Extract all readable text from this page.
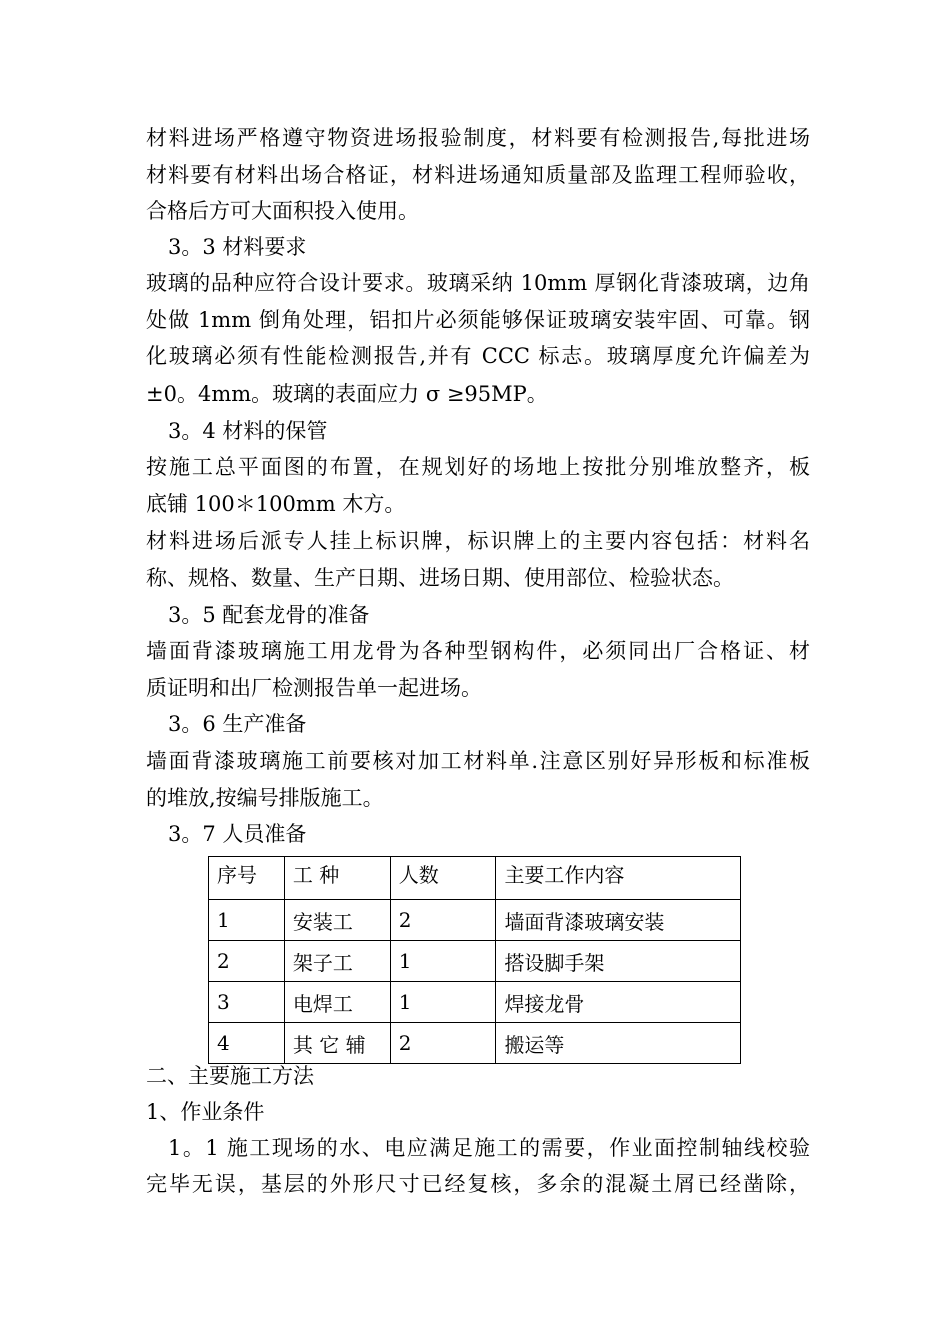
材料进场严格遵守物资进场报验制度，材料要有检测报告,每批进场
材料要有材料出场合格证，材料进场通知质量部及监理工程师验收，
合格后方可大面积投入使用。
3。3 材料要求
玻璃的品种应符合设计要求。玻璃采纳 10mm 厚钢化背漆玻璃，边角
处做 1mm 倒角处理，铝扣片必须能够保证玻璃安装牢固、可靠。钢
化玻璃必须有性能检测报告,并有 CCC 标志。玻璃厚度允许偏差为
±0。4mm。玻璃的表面应力 σ ≥95MP。
3。4 材料的保管
按施工总平面图的布置，在规划好的场地上按批分别堆放整齐，板
底铺 100＊100mm 木方。
材料进场后派专人挂上标识牌，标识牌上的主要内容包括：材料名
称、规格、数量、生产日期、进场日期、使用部位、检验状态。
3。5 配套龙骨的准备
墙面背漆玻璃施工用龙骨为各种型钢构件，必须同出厂合格证、材
质证明和出厂检测报告单一起进场。
3。6 生产准备
墙面背漆玻璃施工前要核对加工材料单.注意区别好异形板和标准板
的堆放,按编号排版施工。
3。7 人员准备
序号	工 种	人数	主要工作内容
1	安装工	2	墙面背漆玻璃安装
2	架子工	1	搭设脚手架
3	电焊工	1	焊接龙骨
4	其 它 辅	2	搬运等
二、主要施工方法
1、作业条件
1。1 施工现场的水、电应满足施工的需要，作业面控制轴线校验
完毕无误，基层的外形尺寸已经复核，多余的混凝土屑已经凿除，
